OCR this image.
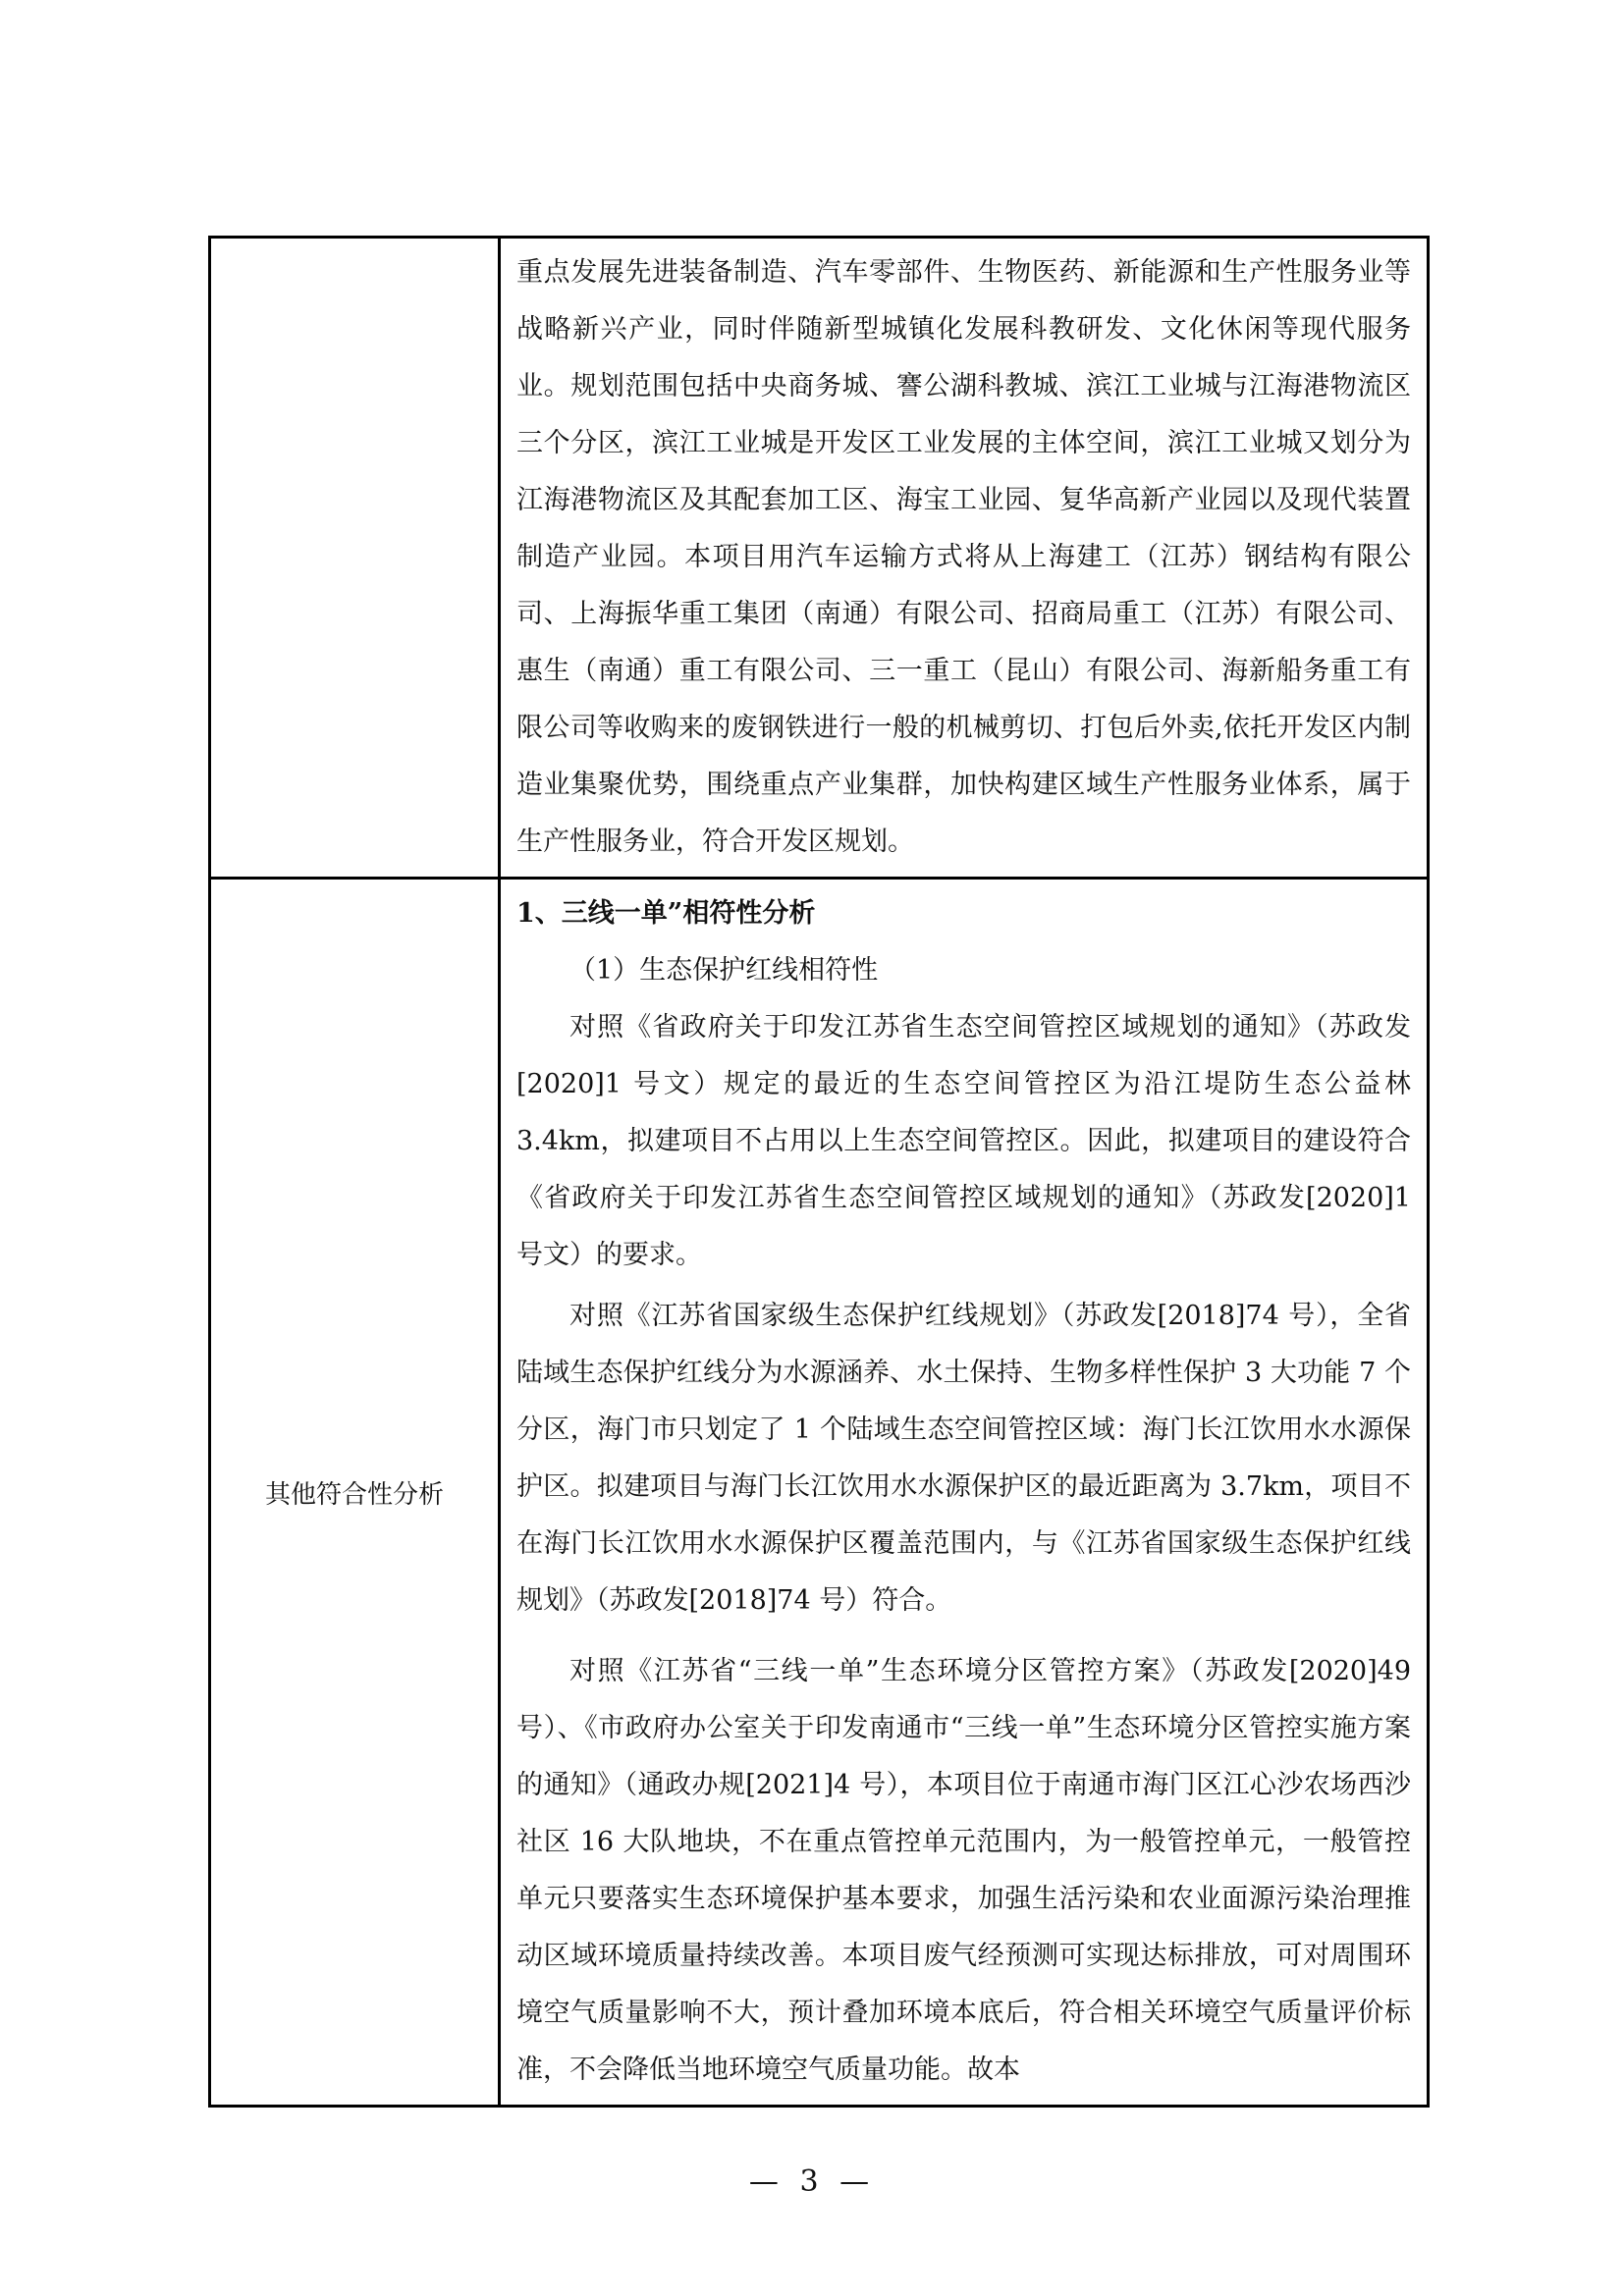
	重点发展先进装备制造、汽车零部件、生物医药、新能源和生产性服务业等战略新兴产业，同时伴随新型城镇化发展科教研发、文化休闲等现代服务业。规划范围包括中央商务城、謇公湖科教城、滨江工业城与江海港物流区三个分区，滨江工业城是开发区工业发展的主体空间，滨江工业城又划分为江海港物流区及其配套加工区、海宝工业园、复华高新产业园以及现代装置制造产业园。本项目用汽车运输方式将从上海建工（江苏）钢结构有限公司、上海振华重工集团（南通）有限公司、招商局重工（江苏）有限公司、惠生（南通）重工有限公司、三一重工（昆山）有限公司、海新船务重工有限公司等收购来的废钢铁进行一般的机械剪切、打包后外卖,依托开发区内制造业集聚优势，围绕重点产业集群，加快构建区域生产性服务业体系，属于生产性服务业，符合开发区规划。

其他符合性分析	1、三线一单”相符性分析
（1）生态保护红线相符性

对照《省政府关于印发江苏省生态空间管控区域规划的通知》（苏政发[2020]1 号文）规定的最近的生态空间管控区为沿江堤防生态公益林 3.4km，拟建项目不占用以上生态空间管控区。因此，拟建项目的建设符合《省政府关于印发江苏省生态空间管控区域规划的通知》（苏政发[2020]1 号文）的要求。

对照《江苏省国家级生态保护红线规划》（苏政发[2018]74 号），全省陆域生态保护红线分为水源涵养、水土保持、生物多样性保护 3 大功能 7 个分区，海门市只划定了 1 个陆域生态空间管控区域：海门长江饮用水水源保护区。拟建项目与海门长江饮用水水源保护区的最近距离为 3.7km，项目不在海门长江饮用水水源保护区覆盖范围内，与《江苏省国家级生态保护红线规划》（苏政发[2018]74 号）符合。

对照《江苏省“三线一单”生态环境分区管控方案》（苏政发[2020]49 号）、《市政府办公室关于印发南通市“三线一单”生态环境分区管控实施方案的通知》（通政办规[2021]4 号），本项目位于南通市海门区江心沙农场西沙社区 16 大队地块，不在重点管控单元范围内，为一般管控单元，一般管控单元只要落实生态环境保护基本要求，加强生活污染和农业面源污染治理推动区域环境质量持续改善。本项目废气经预测可实现达标排放，可对周围环境空气质量影响不大，预计叠加环境本底后，符合相关环境空气质量评价标准，不会降低当地环境空气质量功能。故本

— 3 —
